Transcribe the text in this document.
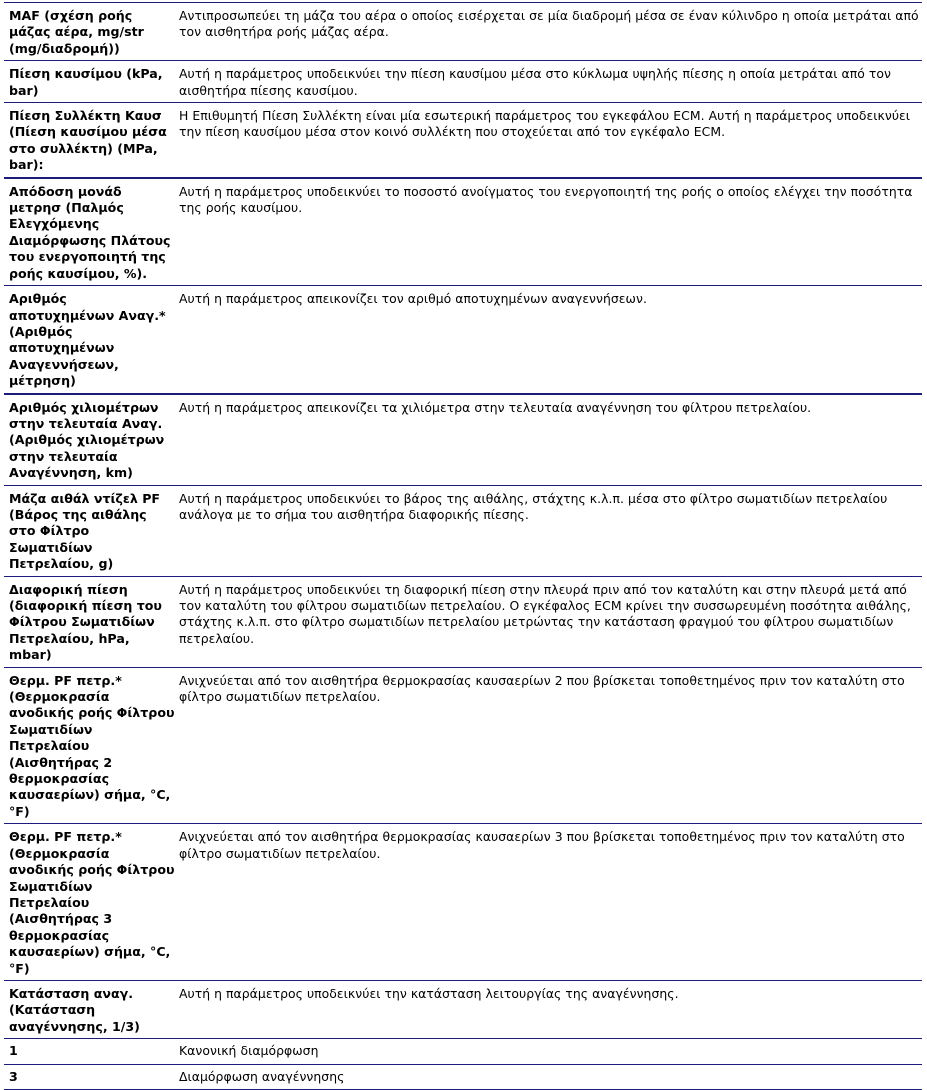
MAF (σχέση ροής μάζας αέρα, mg/str (mg/διαδρομή))	Αντιπροσωπεύει τη μάζα του αέρα ο οποίος εισέρχεται σε μία διαδρομή μέσα σε έναν κύλινδρο η οποία μετράται από τον αισθητήρα ροής μάζας αέρα.
Πίεση καυσίμου (kPa, bar)	Αυτή η παράμετρος υποδεικνύει την πίεση καυσίμου μέσα στο κύκλωμα υψηλής πίεσης η οποία μετράται από τον αισθητήρα πίεσης καυσίμου.
Πίεση Συλλέκτη Καυσ (Πίεση καυσίμου μέσα στο συλλέκτη) (MPa, bar):	Η Επιθυμητή Πίεση Συλλέκτη είναι μία εσωτερική παράμετρος του εγκεφάλου ECM. Αυτή η παράμετρος υποδεικνύει την πίεση καυσίμου μέσα στον κοινό συλλέκτη που στοχεύεται από τον εγκέφαλο ECM.
Απόδοση μονάδ μετρησ (Παλμός Ελεγχόμενης Διαμόρφωσης Πλάτους του ενεργοποιητή της ροής καυσίμου, %).	Αυτή η παράμετρος υποδεικνύει το ποσοστό ανοίγματος του ενεργοποιητή της ροής ο οποίος ελέγχει την ποσότητα της ροής καυσίμου.
Αριθμός αποτυχημένων Αναγ.* (Αριθμός αποτυχημένων Αναγεννήσεων, μέτρηση)	Αυτή η παράμετρος απεικονίζει τον αριθμό αποτυχημένων αναγεννήσεων.
Αριθμός χιλιομέτρων στην τελευταία Αναγ. (Αριθμός χιλιομέτρων στην τελευταία Αναγέννηση, km)	Αυτή η παράμετρος απεικονίζει τα χιλιόμετρα στην τελευταία αναγέννηση του φίλτρου πετρελαίου.
Μάζα αιθάλ ντίζελ PF (Βάρος της αιθάλης στο Φίλτρο Σωματιδίων Πετρελαίου, g)	Αυτή η παράμετρος υποδεικνύει το βάρος της αιθάλης, στάχτης κ.λ.π. μέσα στο φίλτρο σωματιδίων πετρελαίου ανάλογα με το σήμα του αισθητήρα διαφορικής πίεσης.
Διαφορική πίεση (διαφορική πίεση του Φίλτρου Σωματιδίων Πετρελαίου, hPa, mbar)	Αυτή η παράμετρος υποδεικνύει τη διαφορική πίεση στην πλευρά πριν από τον καταλύτη και στην πλευρά μετά από τον καταλύτη του φίλτρου σωματιδίων πετρελαίου. Ο εγκέφαλος ECM κρίνει την συσσωρευμένη ποσότητα αιθάλης, στάχτης κ.λ.π. στο φίλτρο σωματιδίων πετρελαίου μετρώντας την κατάσταση φραγμού του φίλτρου σωματιδίων πετρελαίου.
Θερμ. PF πετρ.* (Θερμοκρασία ανοδικής ροής Φίλτρου Σωματιδίων Πετρελαίου (Αισθητήρας 2 θερμοκρασίας καυσαερίων) σήμα, °C, °F)	Ανιχνεύεται από τον αισθητήρα θερμοκρασίας καυσαερίων 2 που βρίσκεται τοποθετημένος πριν τον καταλύτη στο φίλτρο σωματιδίων πετρελαίου.
Θερμ. PF πετρ.* (Θερμοκρασία ανοδικής ροής Φίλτρου Σωματιδίων Πετρελαίου (Αισθητήρας 3 θερμοκρασίας καυσαερίων) σήμα, °C, °F)	Ανιχνεύεται από τον αισθητήρα θερμοκρασίας καυσαερίων 3 που βρίσκεται τοποθετημένος πριν τον καταλύτη στο φίλτρο σωματιδίων πετρελαίου.
Κατάσταση αναγ. (Κατάσταση αναγέννησης, 1/3)	Αυτή η παράμετρος υποδεικνύει την κατάσταση λειτουργίας της αναγέννησης.
1	Κανονική διαμόρφωση
3	Διαμόρφωση αναγέννησης
